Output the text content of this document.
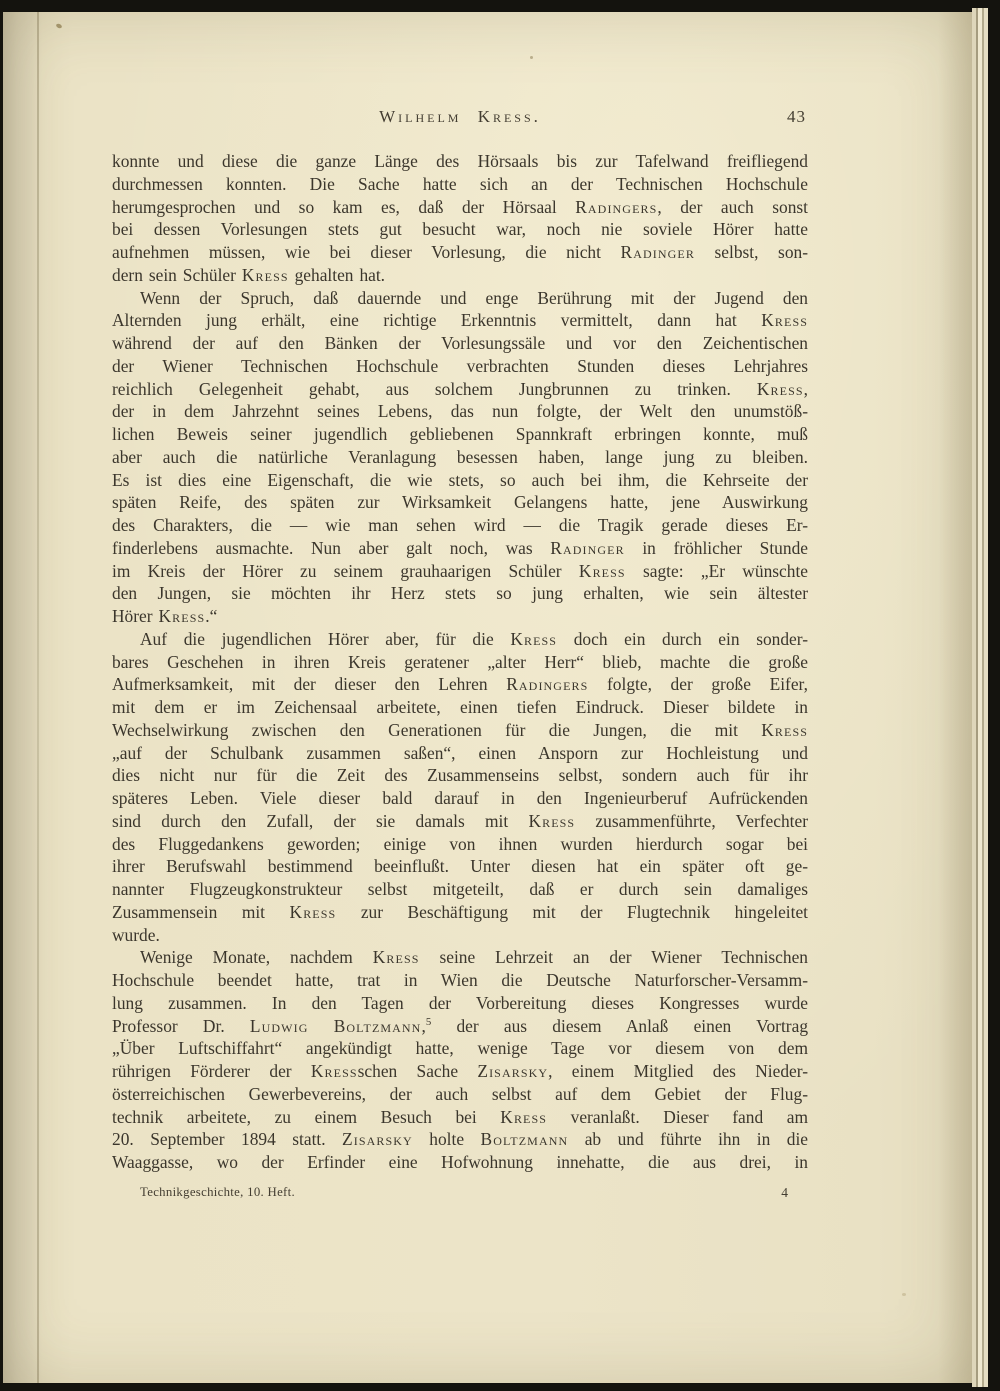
Wilhelm Kress.	43
konnte und diese die ganze Länge des Hörsaals bis zur Tafelwand freifliegend
durchmessen konnten. Die Sache hatte sich an der Technischen Hochschule
herumgesprochen und so kam es, daß der Hörsaal Radingers, der auch sonst
bei dessen Vorlesungen stets gut besucht war, noch nie soviele Hörer hatte
aufnehmen müssen, wie bei dieser Vorlesung, die nicht Radinger selbst, son-
dern sein Schüler Kress gehalten hat.
Wenn der Spruch, daß dauernde und enge Berührung mit der Jugend den
Alternden jung erhält, eine richtige Erkenntnis vermittelt, dann hat Kress
während der auf den Bänken der Vorlesungssäle und vor den Zeichentischen
der Wiener Technischen Hochschule verbrachten Stunden dieses Lehrjahres
reichlich Gelegenheit gehabt, aus solchem Jungbrunnen zu trinken. Kress,
der in dem Jahrzehnt seines Lebens, das nun folgte, der Welt den unumstöß-
lichen Beweis seiner jugendlich gebliebenen Spannkraft erbringen konnte, muß
aber auch die natürliche Veranlagung besessen haben, lange jung zu bleiben.
Es ist dies eine Eigenschaft, die wie stets, so auch bei ihm, die Kehrseite der
späten Reife, des späten zur Wirksamkeit Gelangens hatte, jene Auswirkung
des Charakters, die — wie man sehen wird — die Tragik gerade dieses Er-
finderlebens ausmachte. Nun aber galt noch, was Radinger in fröhlicher Stunde
im Kreis der Hörer zu seinem grauhaarigen Schüler Kress sagte: „Er wünschte
den Jungen, sie möchten ihr Herz stets so jung erhalten, wie sein ältester
Hörer Kress.“
Auf die jugendlichen Hörer aber, für die Kress doch ein durch ein sonder-
bares Geschehen in ihren Kreis geratener „alter Herr“ blieb, machte die große
Aufmerksamkeit, mit der dieser den Lehren Radingers folgte, der große Eifer,
mit dem er im Zeichensaal arbeitete, einen tiefen Eindruck. Dieser bildete in
Wechselwirkung zwischen den Generationen für die Jungen, die mit Kress
„auf der Schulbank zusammen saßen“, einen Ansporn zur Hochleistung und
dies nicht nur für die Zeit des Zusammenseins selbst, sondern auch für ihr
späteres Leben. Viele dieser bald darauf in den Ingenieurberuf Aufrückenden
sind durch den Zufall, der sie damals mit Kress zusammenführte, Verfechter
des Fluggedankens geworden; einige von ihnen wurden hierdurch sogar bei
ihrer Berufswahl bestimmend beeinflußt. Unter diesen hat ein später oft ge-
nannter Flugzeugkonstrukteur selbst mitgeteilt, daß er durch sein damaliges
Zusammensein mit Kress zur Beschäftigung mit der Flugtechnik hingeleitet
wurde.
Wenige Monate, nachdem Kress seine Lehrzeit an der Wiener Technischen
Hochschule beendet hatte, trat in Wien die Deutsche Naturforscher-Versamm-
lung zusammen. In den Tagen der Vorbereitung dieses Kongresses wurde
Professor Dr. Ludwig Boltzmann,$^5$ der aus diesem Anlaß einen Vortrag
„Über Luftschiffahrt“ angekündigt hatte, wenige Tage vor diesem von dem
rührigen Förderer der Kressschen Sache Zisarsky, einem Mitglied des Nieder-
österreichischen Gewerbevereins, der auch selbst auf dem Gebiet der Flug-
technik arbeitete, zu einem Besuch bei Kress veranlaßt. Dieser fand am
20. September 1894 statt. Zisarsky holte Boltzmann ab und führte ihn in die
Waaggasse, wo der Erfinder eine Hofwohnung innehatte, die aus drei, in
Technikgeschichte, 10. Heft.	4
